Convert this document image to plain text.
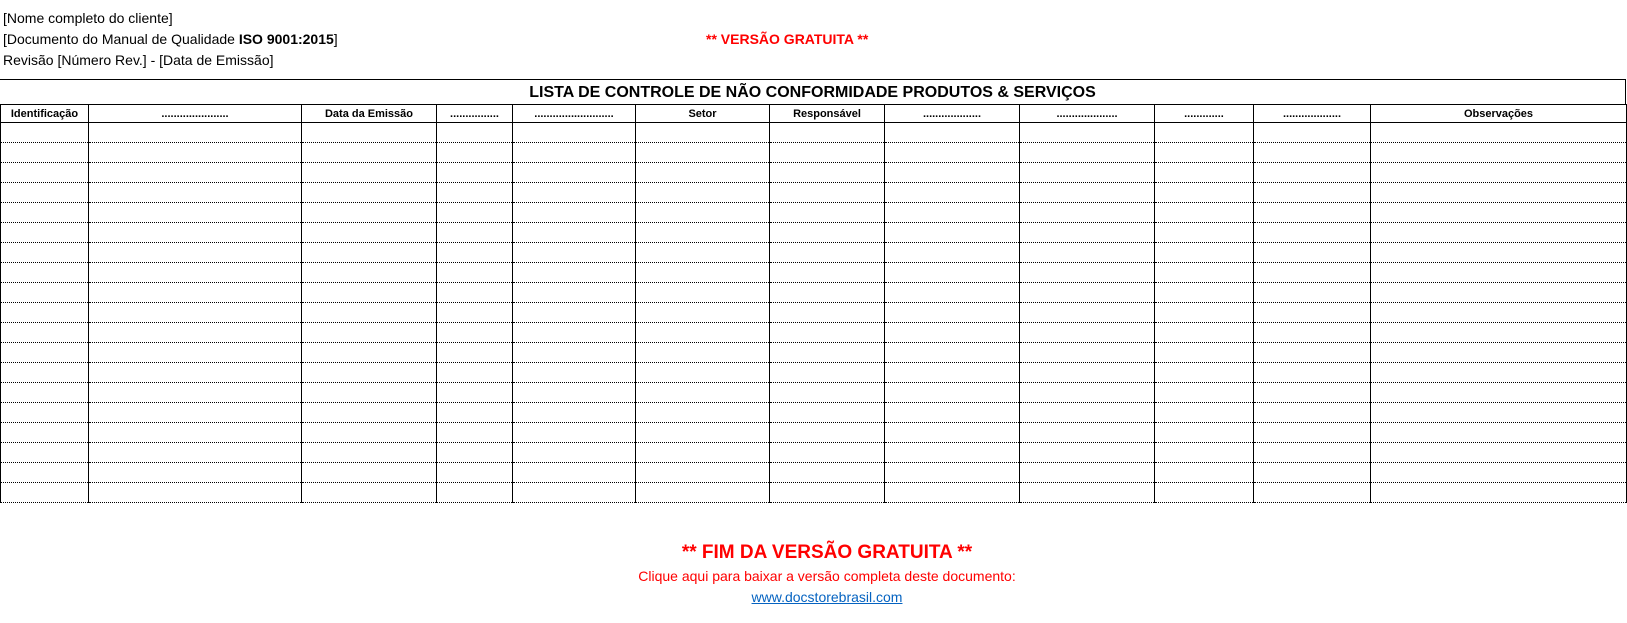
[Nome completo do cliente]
[Documento do Manual de Qualidade ISO 9001:2015]
Revisão [Número Rev.] - [Data de Emissão]
** VERSÃO GRATUITA **
LISTA DE CONTROLE DE NÃO CONFORMIDADE PRODUTOS & SERVIÇOS
Identificação	......................	Data da Emissão	................	..........................	Setor	Responsável	...................	....................	.............	...................	Observações

** FIM DA VERSÃO GRATUITA **
Clique aqui para baixar a versão completa deste documento:
www.docstorebrasil.com
